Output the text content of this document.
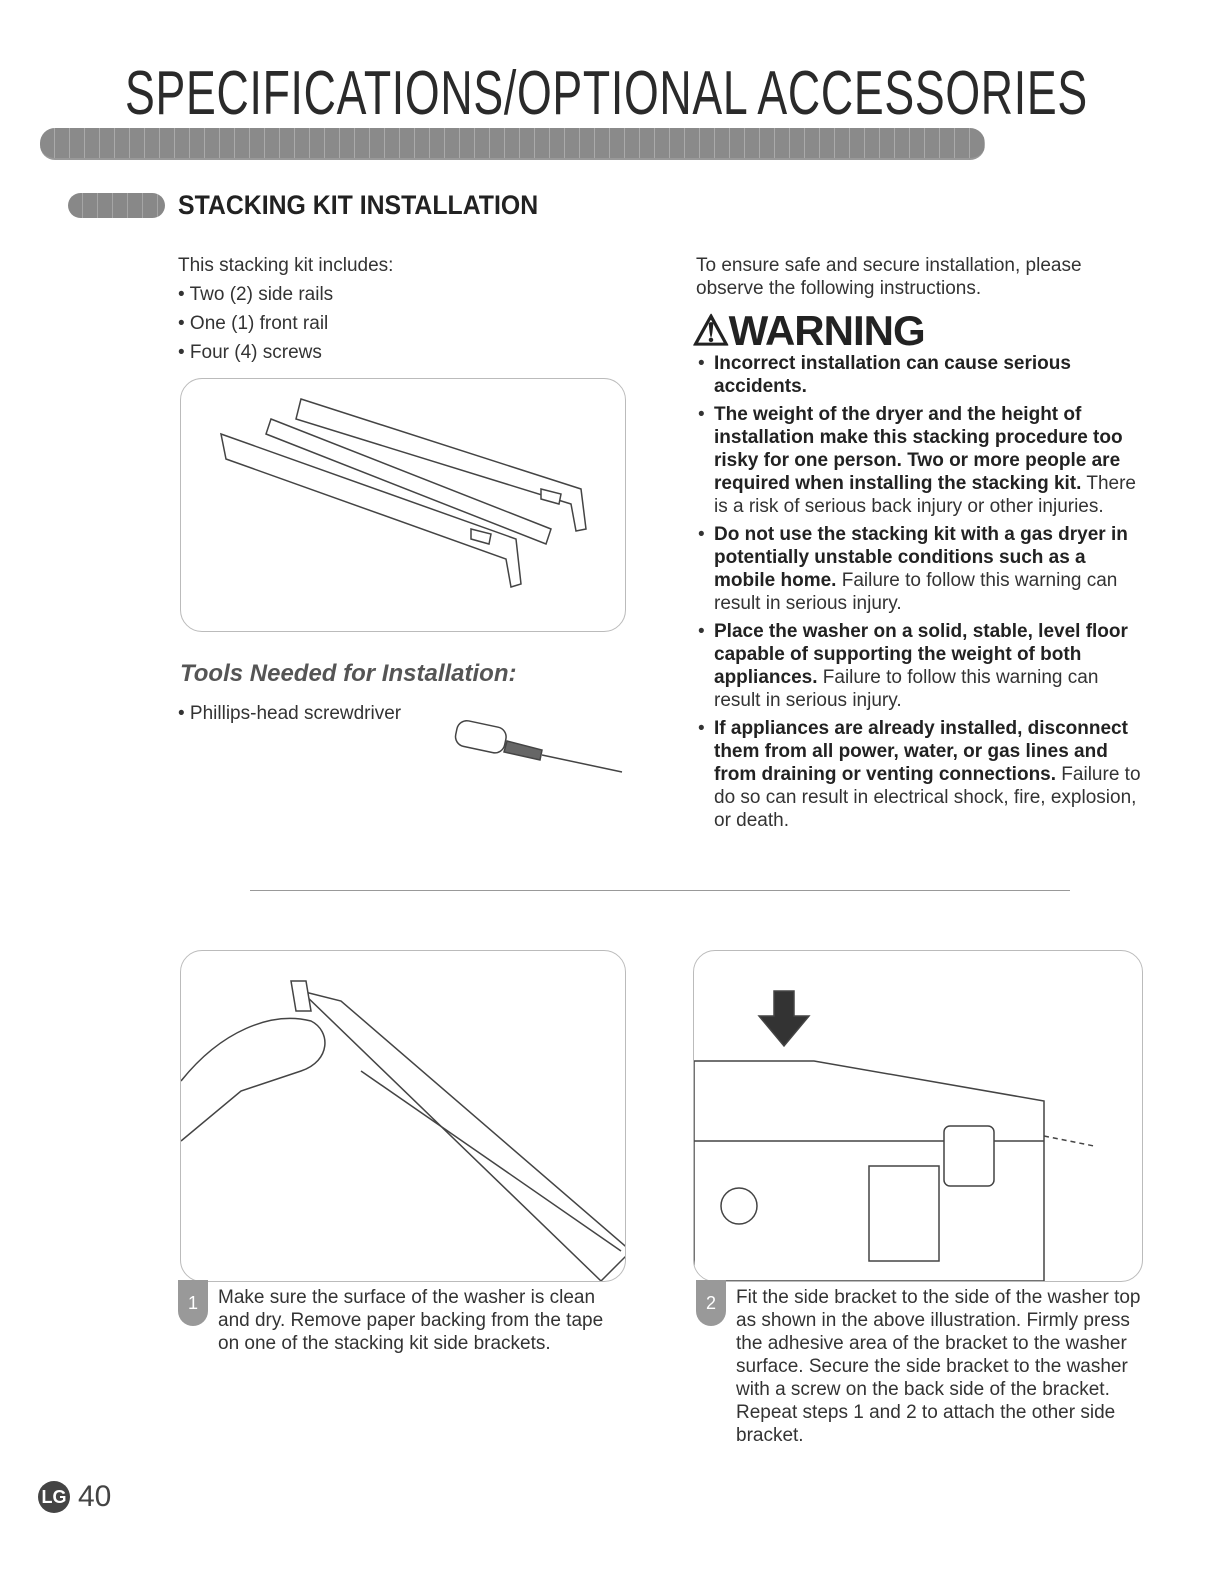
SPECIFICATIONS/OPTIONAL ACCESSORIES
STACKING KIT INSTALLATION
This stacking kit includes:
• Two (2) side rails
• One (1) front rail
• Four (4) screws
Tools Needed for Installation:
• Phillips-head screwdriver
To ensure safe and secure installation, please observe the following instructions.
⚠WARNING
• Incorrect installation can cause serious accidents.
• The weight of the dryer and the height of installation make this stacking procedure too risky for one person. Two or more people are required when installing the stacking kit. There is a risk of serious back injury or other injuries.
• Do not use the stacking kit with a gas dryer in potentially unstable conditions such as a mobile home. Failure to follow this warning can result in serious injury.
• Place the washer on a solid, stable, level floor capable of supporting the weight of both appliances. Failure to follow this warning can result in serious injury.
• If appliances are already installed, disconnect them from all power, water, or gas lines and from draining or venting connections. Failure to do so can result in electrical shock, fire, explosion, or death.
1	Make sure the surface of the washer is clean and dry. Remove paper backing from the tape on one of the stacking kit side brackets.
2	Fit the side bracket to the side of the washer top as shown in the above illustration. Firmly press the adhesive area of the bracket to the washer surface. Secure the side bracket to the washer with a screw on the back side of the bracket. Repeat steps 1 and 2 to attach the other side bracket.
LG 40
